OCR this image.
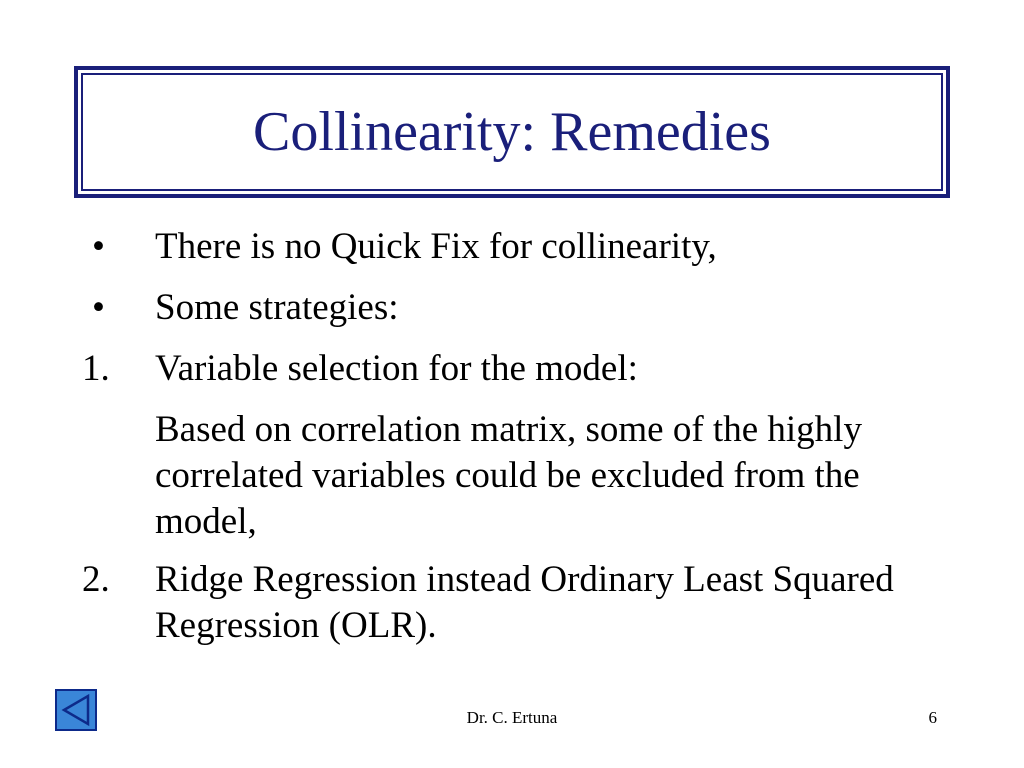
Collinearity: Remedies
•	There is no Quick Fix for collinearity,
•	Some strategies:
1.	Variable selection for the model:
Based on correlation matrix, some of the highly correlated variables could be excluded from the model,
2.	Ridge Regression instead Ordinary Least Squared Regression (OLR).
Dr. C. Ertuna	6
